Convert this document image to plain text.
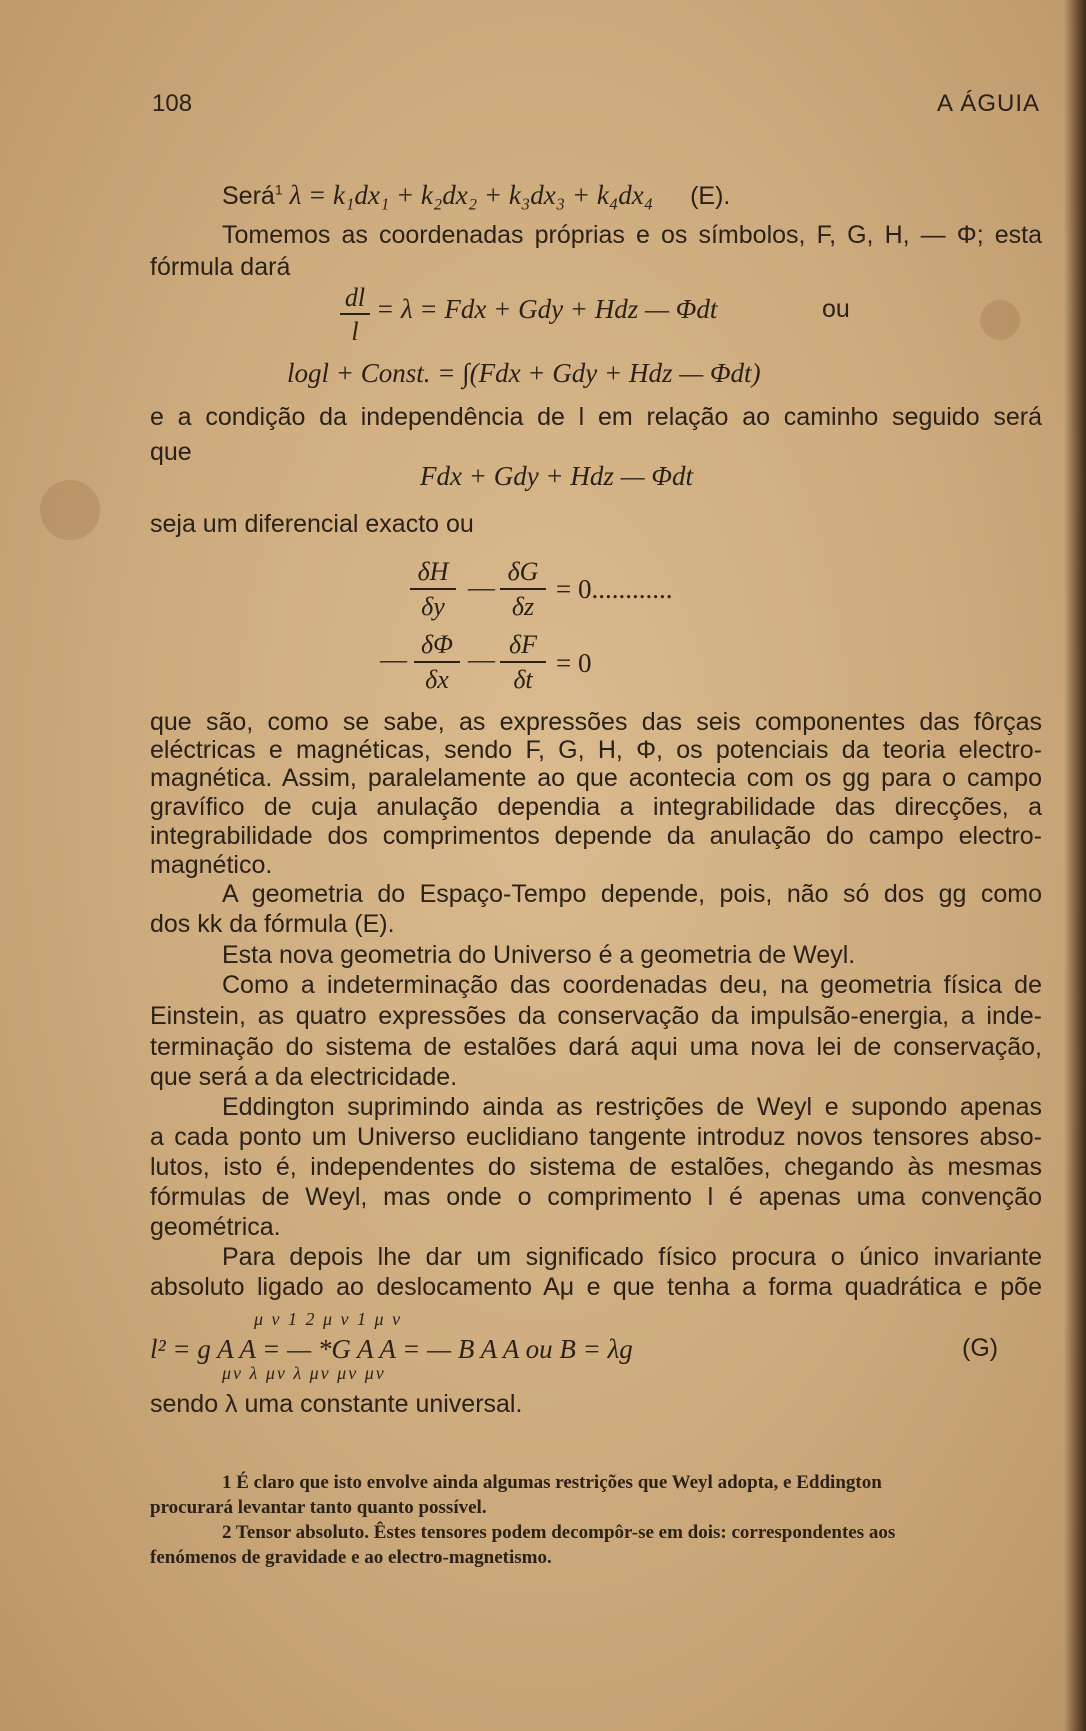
108	A ÁGUIA
Será$^1$ λ = k₁dx₁ + k₂dx₂ + k₃dx₃ + k₄dx₄ (E).
Tomemos as coordenadas próprias e os símbolos, F, G, H, — Φ; esta
fórmula dará
dl
l
= λ = Fdx + Gdy + Hdz — Φdt	ou
logl + Const. = ∫(Fdx + Gdy + Hdz — Φdt)
e a condição da independência de l em relação ao caminho seguido será
que
Fdx + Gdy + Hdz — Φdt
seja um diferencial exacto ou
δH
δy
—
δG
δz
= 0............
— δΦ
δx
— δF
δt
= 0
que são, como se sabe, as expressões das seis componentes das fôrças
eléctricas e magnéticas, sendo F, G, H, Φ, os potenciais da teoria electro-
magnética. Assim, paralelamente ao que acontecia com os gg para o campo
gravífico de cuja anulação dependia a integrabilidade das direcções, a
integrabilidade dos comprimentos depende da anulação do campo electro-
magnético.
A geometria do Espaço-Tempo depende, pois, não só dos gg como
dos kk da fórmula (E).
Esta nova geometria do Universo é a geometria de Weyl.
Como a indeterminação das coordenadas deu, na geometria física de
Einstein, as quatro expressões da conservação da impulsão-energia, a inde-
terminação do sistema de estalões dará aqui uma nova lei de conservação,
que será a da electricidade.
Eddington suprimindo ainda as restrições de Weyl e supondo apenas
a cada ponto um Universo euclidiano tangente introduz novos tensores abso-
lutos, isto é, independentes do sistema de estalões, chegando às mesmas
fórmulas de Weyl, mas onde o comprimento l é apenas uma convenção
geométrica.
Para depois lhe dar um significado físico procura o único invariante
absoluto ligado ao deslocamento Aμ e que tenha a forma quadrática e põe
μ ν 1 2 μ ν 1 μ ν
l² = g A A = — *G A A = — B A A ou B = λg
μν λ μν λ μν μν μν
(G)
sendo λ uma constante universal.
1 É claro que isto envolve ainda algumas restrições que Weyl adopta, e Eddington
procurará levantar tanto quanto possível.
2 Tensor absoluto. Êstes tensores podem decompôr-se em dois: correspondentes aos
fenómenos de gravidade e ao electro-magnetismo.
